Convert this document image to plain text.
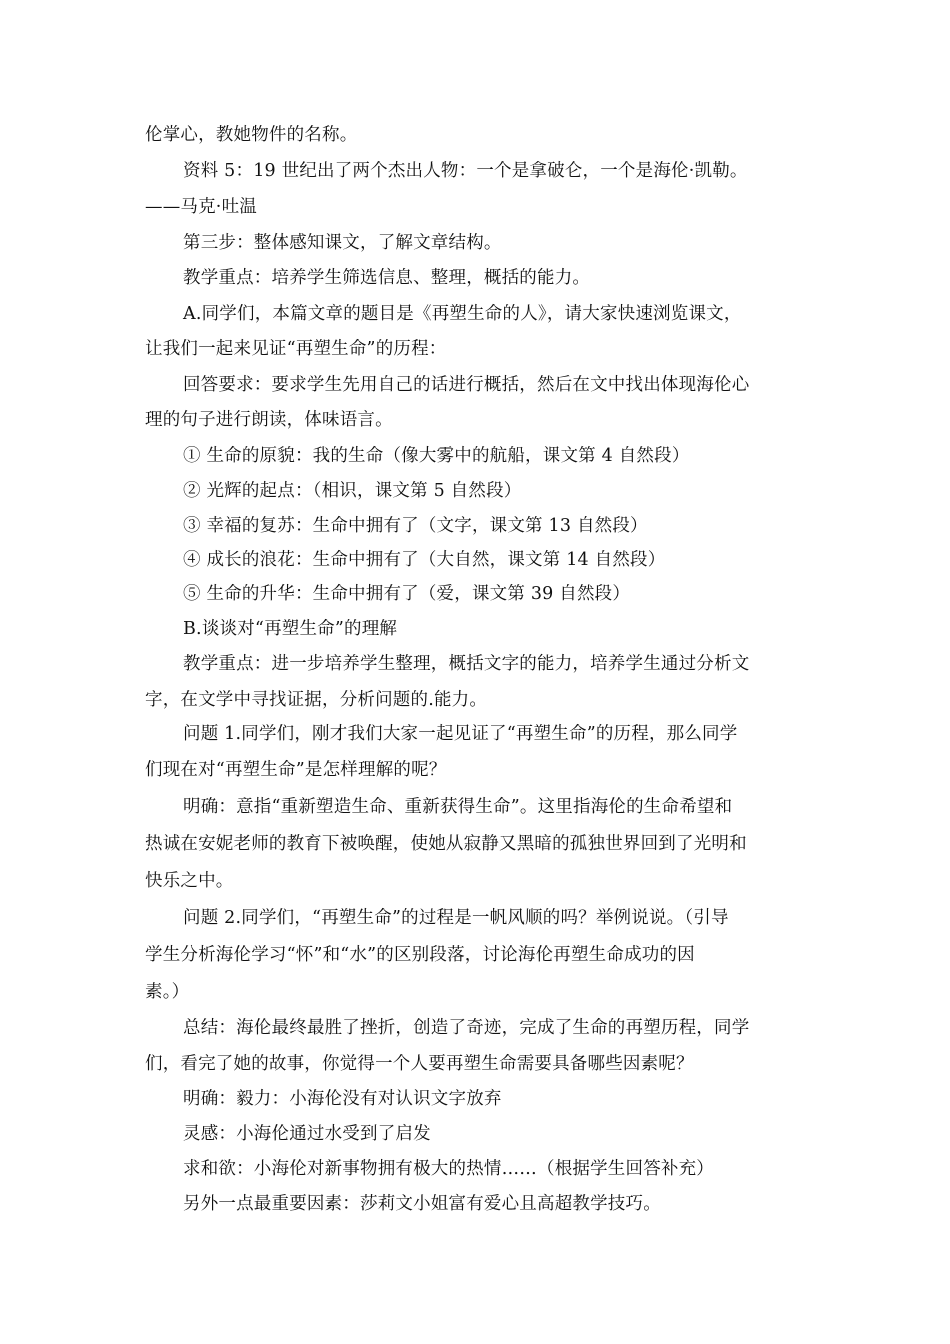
伦掌心，教她物件的名称。
资料 5：19 世纪出了两个杰出人物：一个是拿破仑，一个是海伦·凯勒。
——马克·吐温
第三步：整体感知课文，了解文章结构。
教学重点：培养学生筛选信息、整理，概括的能力。
A.同学们，本篇文章的题目是《再塑生命的人》，请大家快速浏览课文，
让我们一起来见证“再塑生命”的历程：
回答要求：要求学生先用自己的话进行概括，然后在文中找出体现海伦心
理的句子进行朗读，体味语言。
① 生命的原貌：我的生命（像大雾中的航船，课文第 4 自然段）
② 光辉的起点：（相识，课文第 5 自然段）
③ 幸福的复苏：生命中拥有了（文字，课文第 13 自然段）
④ 成长的浪花：生命中拥有了（大自然，课文第 14 自然段）
⑤ 生命的升华：生命中拥有了（爱，课文第 39 自然段）
B.谈谈对“再塑生命”的理解
教学重点：进一步培养学生整理，概括文字的能力，培养学生通过分析文
字，在文学中寻找证据，分析问题的.能力。
问题 1.同学们，刚才我们大家一起见证了“再塑生命”的历程，那么同学
们现在对“再塑生命”是怎样理解的呢？
明确：意指“重新塑造生命、重新获得生命”。这里指海伦的生命希望和
热诚在安妮老师的教育下被唤醒，使她从寂静又黑暗的孤独世界回到了光明和
快乐之中。
问题 2.同学们，“再塑生命”的过程是一帆风顺的吗？举例说说。（引导
学生分析海伦学习“怀”和“水”的区别段落，讨论海伦再塑生命成功的因
素。）
总结：海伦最终最胜了挫折，创造了奇迹，完成了生命的再塑历程，同学
们，看完了她的故事，你觉得一个人要再塑生命需要具备哪些因素呢？
明确：毅力：小海伦没有对认识文字放弃
灵感：小海伦通过水受到了启发
求和欲：小海伦对新事物拥有极大的热情……（根据学生回答补充）
另外一点最重要因素：莎莉文小姐富有爱心且高超教学技巧。
